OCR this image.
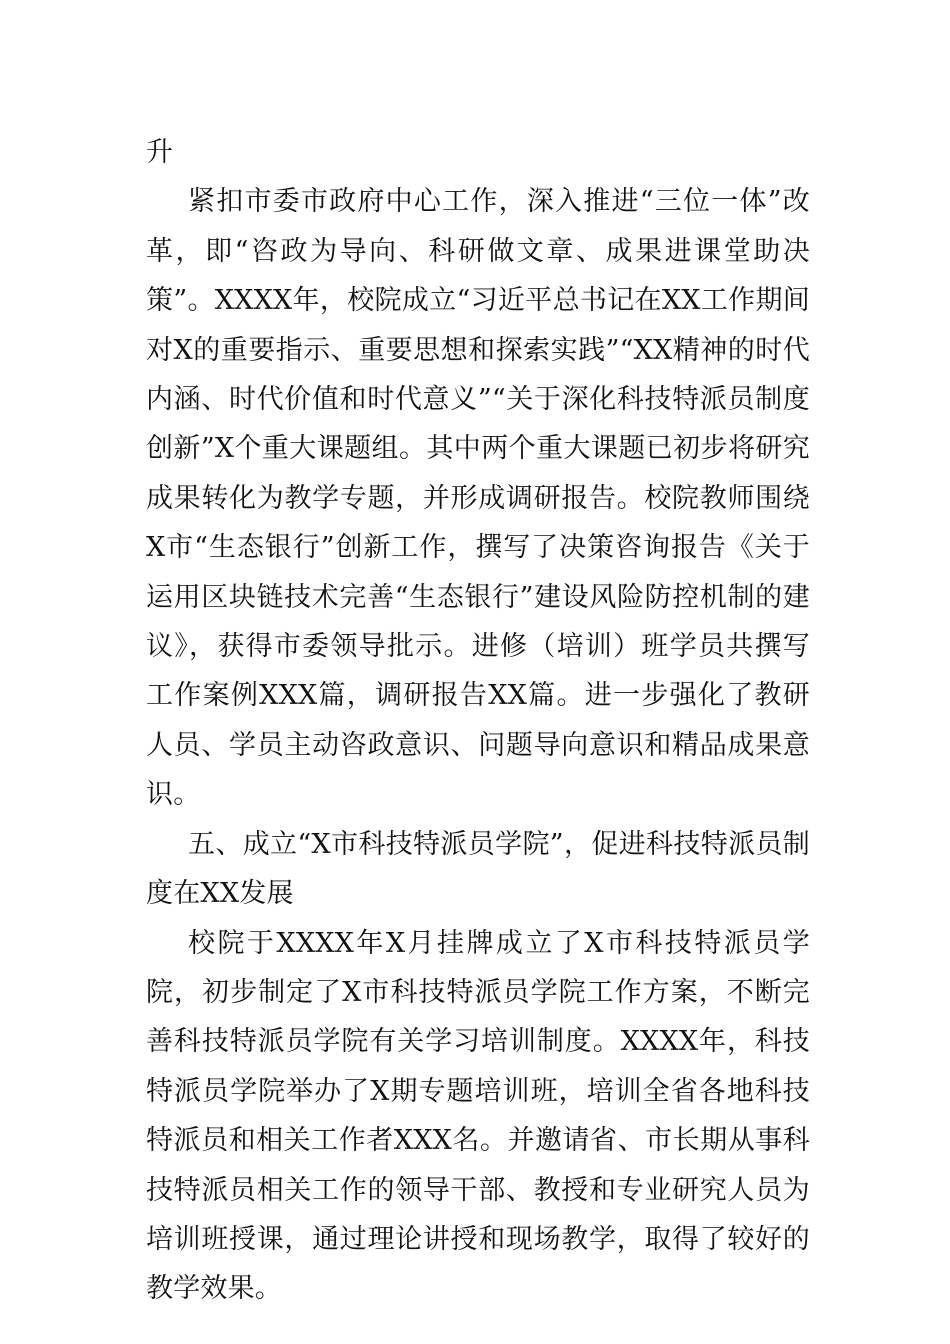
升

紧扣市委市政府中心工作，深入推进“三位一体”改革，即“咨政为导向、科研做文章、成果进课堂助决策”。XXXX年，校院成立“习近平总书记在XX工作期间对X的重要指示、重要思想和探索实践”“XX精神的时代内涵、时代价值和时代意义”“关于深化科技特派员制度创新”X个重大课题组。其中两个重大课题已初步将研究成果转化为教学专题，并形成调研报告。校院教师围绕X市“生态银行”创新工作，撰写了决策咨询报告《关于运用区块链技术完善“生态银行”建设风险防控机制的建议》，获得市委领导批示。进修（培训）班学员共撰写工作案例XXX篇，调研报告XX篇。进一步强化了教研人员、学员主动咨政意识、问题导向意识和精品成果意识。

五、成立“X市科技特派员学院”，促进科技特派员制度在XX发展

校院于XXXX年X月挂牌成立了X市科技特派员学院，初步制定了X市科技特派员学院工作方案，不断完善科技特派员学院有关学习培训制度。XXXX年，科技特派员学院举办了X期专题培训班，培训全省各地科技特派员和相关工作者XXX名。并邀请省、市长期从事科技特派员相关工作的领导干部、教授和专业研究人员为培训班授课，通过理论讲授和现场教学，取得了较好的教学效果。
